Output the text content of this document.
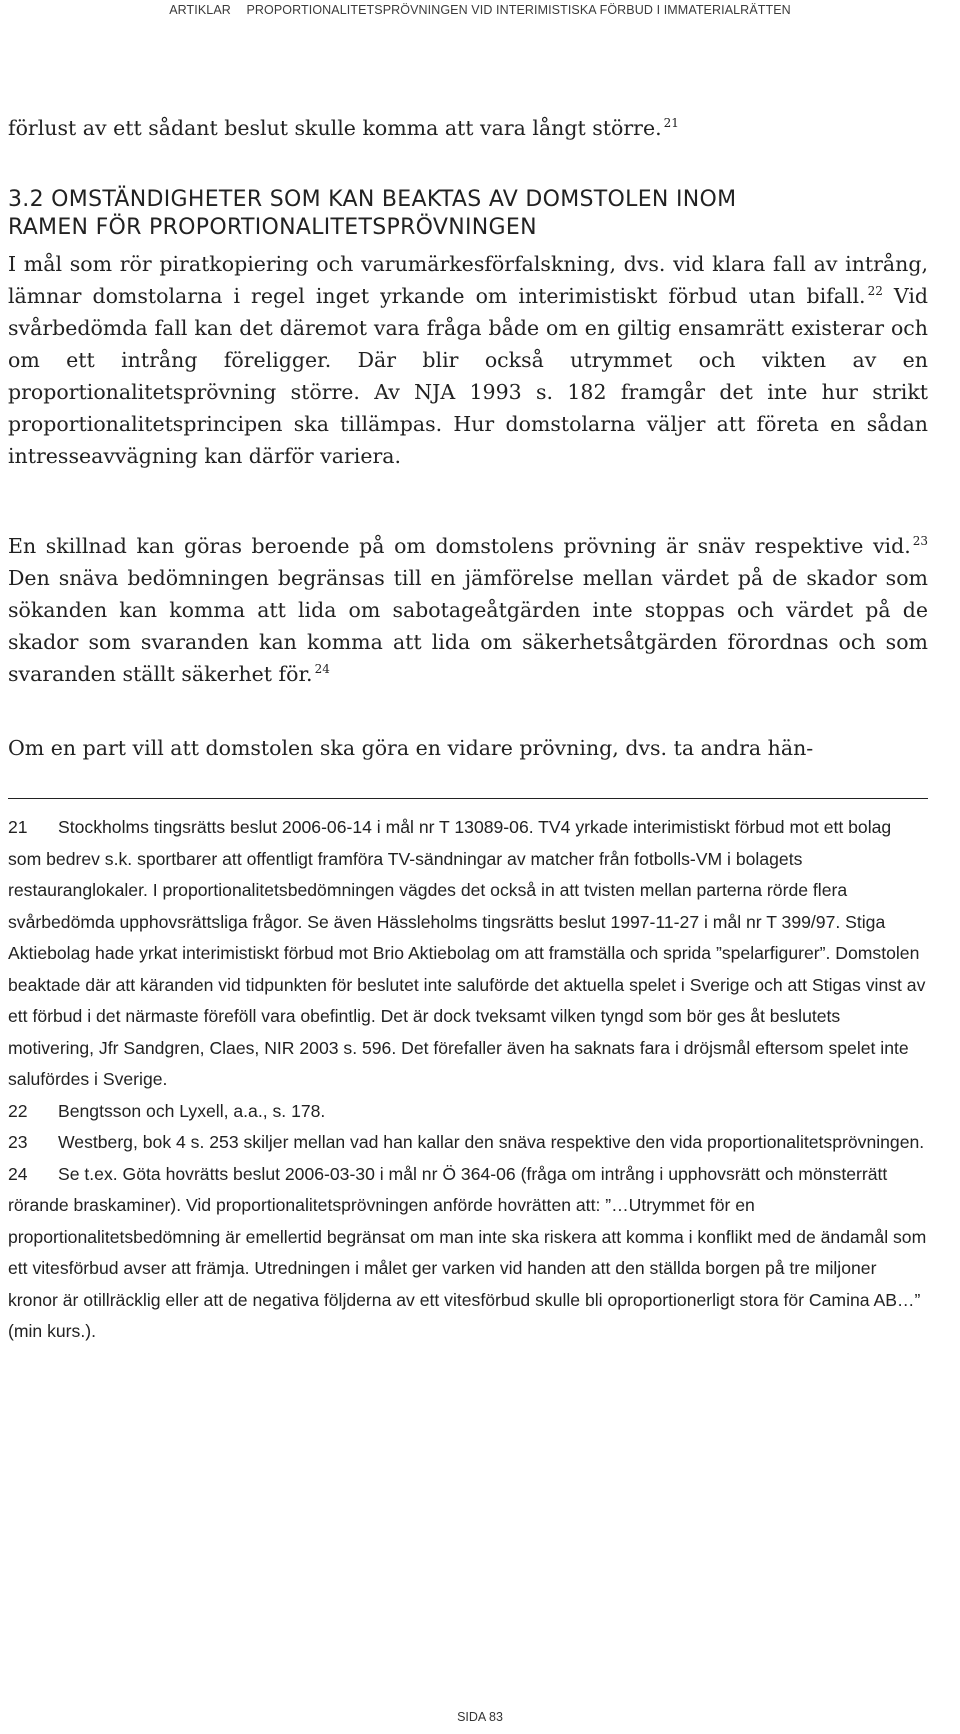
ARTIKLAR PROPORTIONALITETSPRÖVNINGEN VID INTERIMISTISKA FÖRBUD I IMMATERIALRÄTTEN

förlust av ett sådant beslut skulle komma att vara långt större. $^{21}$

3.2 OMSTÄNDIGHETER SOM KAN BEAKTAS AV DOMSTOLEN INOM

RAMEN FÖR PROPORTIONALITETSPRÖVNINGEN

I mål som rör piratkopiering och varumärkesförfalskning, dvs. vid klara fall av intrång, lämnar domstolarna i regel inget yrkande om interimistiskt förbud utan bifall. $^{22}$ Vid svårbedömda fall kan det däremot vara fråga både om en giltig ensamrätt existerar och om ett intrång föreligger. Där blir också utrymmet och vikten av en proportionalitetsprövning större. Av NJA 1993 s. 182 framgår det inte hur strikt proportionalitetsprincipen ska tillämpas. Hur domstolarna väljer att företa en sådan intresseavvägning kan därför variera.

En skillnad kan göras beroende på om domstolens prövning är snäv respektive vid. $^{23}$ Den snäva bedömningen begränsas till en jämförelse mellan värdet på de skador som sökanden kan komma att lida om sabotageåtgärden inte stoppas och värdet på de skador som svaranden kan komma att lida om säkerhetsåtgärden förordnas och som svaranden ställt säkerhet för. $^{24}$

Om en part vill att domstolen ska göra en vidare prövning, dvs. ta andra hän-

21 Stockholms tingsrätts beslut 2006-06-14 i mål nr T 13089-06. TV4 yrkade interimistiskt förbud mot ett bolag som bedrev s.k. sportbarer att offentligt framföra TV-sändningar av matcher från fotbolls-VM i bolagets restauranglokaler. I proportionalitetsbedömningen vägdes det också in att tvisten mellan parterna rörde flera svårbedömda upphovsrättsliga frågor. Se även Hässleholms tingsrätts beslut 1997-11-27 i mål nr T 399/97. Stiga Aktiebolag hade yrkat interimistiskt förbud mot Brio Aktiebolag om att framställa och sprida ”spelarfigurer”. Domstolen beaktade där att käranden vid tidpunkten för beslutet inte saluförde det aktuella spelet i Sverige och att Stigas vinst av ett förbud i det närmaste föreföll vara obefintlig. Det är dock tveksamt vilken tyngd som bör ges åt beslutets motivering, Jfr Sandgren, Claes, NIR 2003 s. 596. Det förefaller även ha saknats fara i dröjsmål eftersom spelet inte salufördes i Sverige.

22 Bengtsson och Lyxell, a.a., s. 178.

23 Westberg, bok 4 s. 253 skiljer mellan vad han kallar den snäva respektive den vida proportionalitetsprövningen.

24 Se t.ex. Göta hovrätts beslut 2006-03-30 i mål nr Ö 364-06 (fråga om intrång i upphovsrätt och mönsterrätt rörande braskaminer). Vid proportionalitetsprövningen anförde hovrätten att: ”…Utrymmet för en proportionalitetsbedömning är emellertid begränsat om man inte ska riskera att komma i konflikt med de ändamål som ett vitesförbud avser att främja. Utredningen i målet ger varken vid handen att den ställda borgen på tre miljoner kronor är otillräcklig eller att de negativa följderna av ett vitesförbud skulle bli oproportionerligt stora för Camina AB…” (min kurs.).

SIDA 83
